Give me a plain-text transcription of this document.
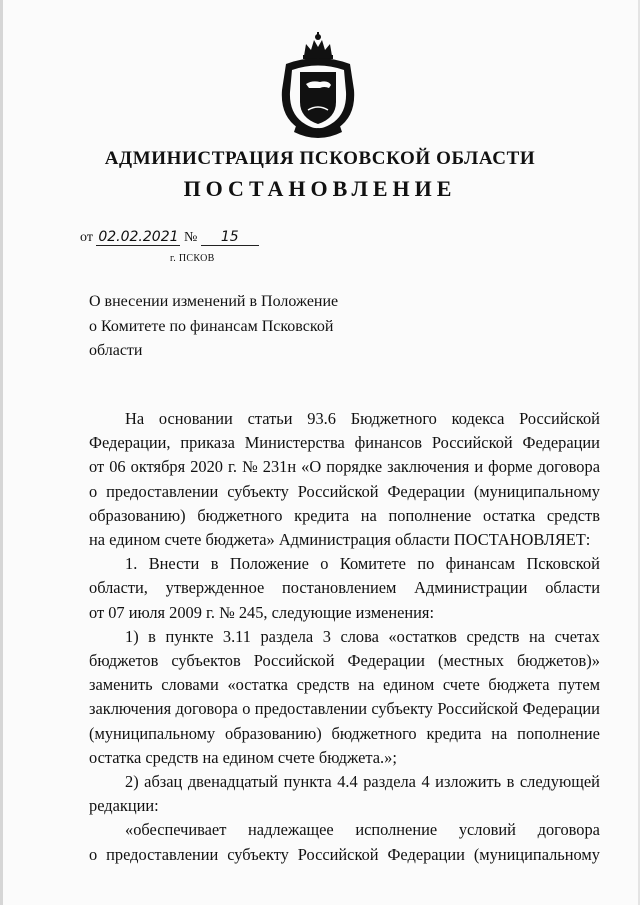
АДМИНИСТРАЦИЯ ПСКОВСКОЙ ОБЛАСТИ
ПОСТАНОВЛЕНИЕ
от 02.02.2021 № 15
г. ПСКОВ
О внесении изменений в Положение
о Комитете по финансам Псковской
области
На основании статьи 93.6 Бюджетного кодекса Российской
Федерации, приказа Министерства финансов Российской Федерации
от 06 октября 2020 г. № 231н «О порядке заключения и форме договора
о предоставлении субъекту Российской Федерации (муниципальному
образованию) бюджетного кредита на пополнение остатка средств
на едином счете бюджета» Администрация области ПОСТАНОВЛЯЕТ:
1. Внести в Положение о Комитете по финансам Псковской
области, утвержденное постановлением Администрации области
от 07 июля 2009 г. № 245, следующие изменения:
1) в пункте 3.11 раздела 3 слова «остатков средств на счетах
бюджетов субъектов Российской Федерации (местных бюджетов)»
заменить словами «остатка средств на едином счете бюджета путем
заключения договора о предоставлении субъекту Российской Федерации
(муниципальному образованию) бюджетного кредита на пополнение
остатка средств на едином счете бюджета.»;
2) абзац двенадцатый пункта 4.4 раздела 4 изложить в следующей
редакции:
«обеспечивает надлежащее исполнение условий договора
о предоставлении субъекту Российской Федерации (муниципальному
